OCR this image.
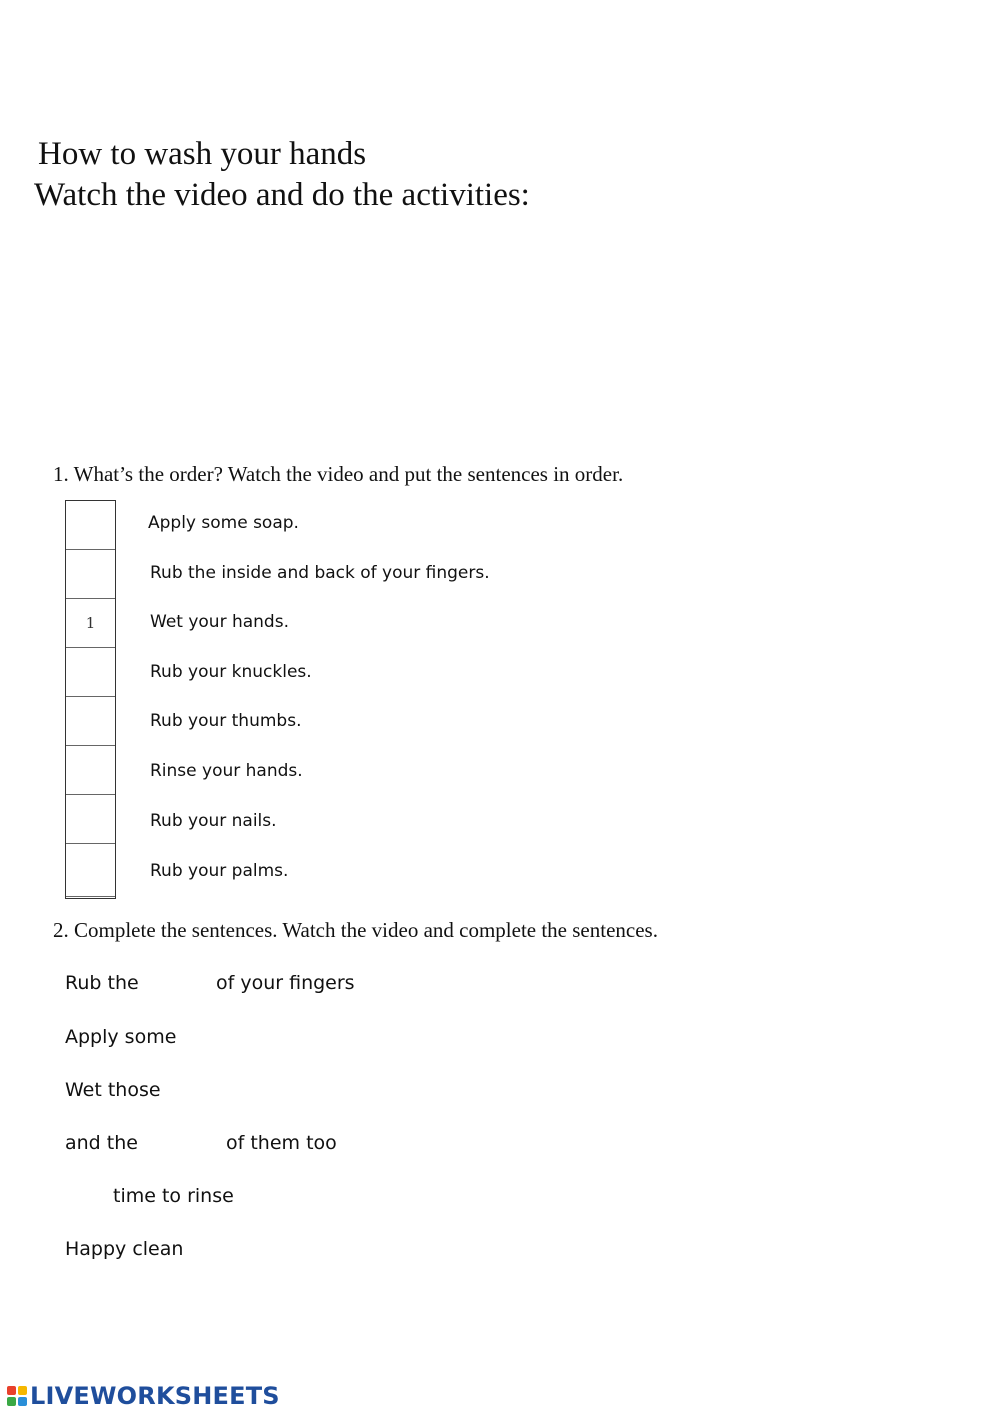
How to wash your hands
Watch the video and do the activities:
1. What’s the order? Watch the video and put the sentences in order.
1
Apply some soap.
Rub the inside and back of your fingers.
Wet your hands.
Rub your knuckles.
Rub your thumbs.
Rinse your hands.
Rub your nails.
Rub your palms.
2. Complete the sentences. Watch the video and complete the sentences.
Rub the	of your fingers
Apply some
Wet those
and the	of them too
time to rinse
Happy clean
LIVEWORKSHEETS
